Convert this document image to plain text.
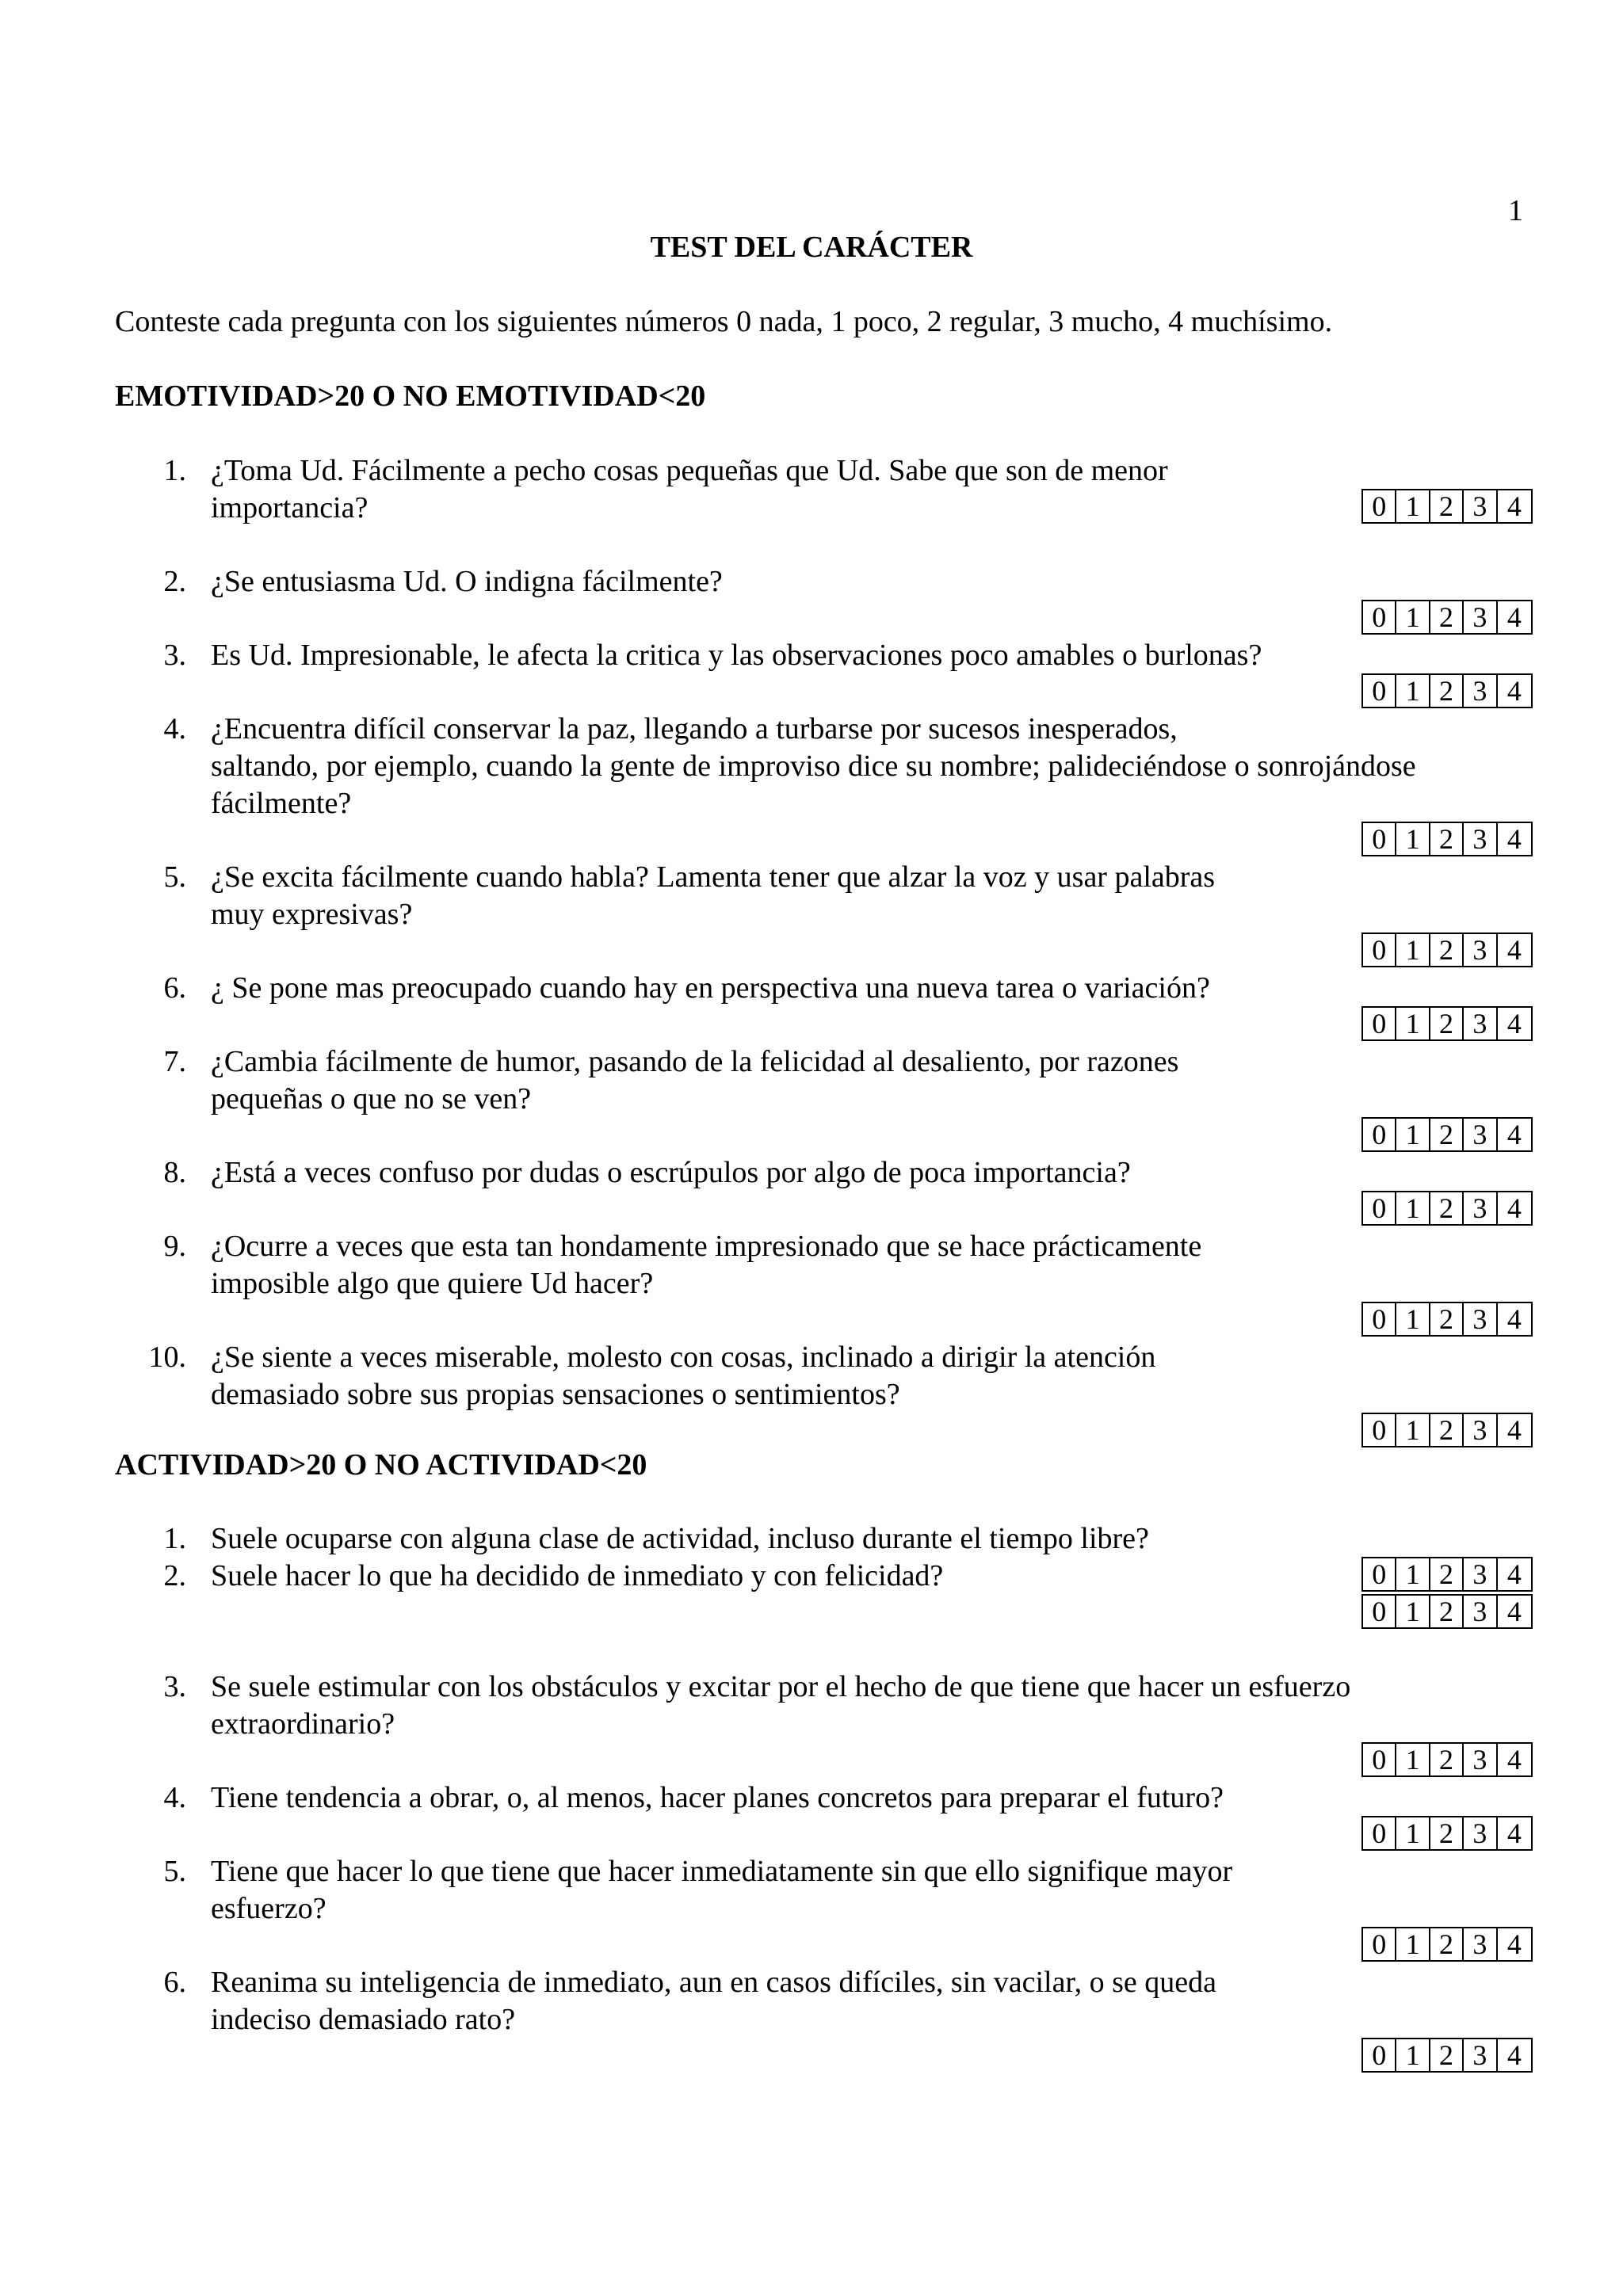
1
TEST DEL CARÁCTER
Conteste cada pregunta con los siguientes números 0 nada, 1 poco, 2 regular, 3 mucho, 4 muchísimo.
EMOTIVIDAD>20 O NO EMOTIVIDAD<20
1. ¿Toma Ud. Fácilmente a pecho cosas pequeñas que Ud. Sabe que son de menor
importancia?	0 1 2 3 4
2. ¿Se entusiasma Ud. O indigna fácilmente?
0 1 2 3 4
3. Es Ud. Impresionable, le afecta la critica y las observaciones poco amables o burlonas?
0 1 2 3 4
4. ¿Encuentra difícil conservar la paz, llegando a turbarse por sucesos inesperados,
saltando, por ejemplo, cuando la gente de improviso dice su nombre; palideciéndose o sonrojándose
fácilmente?
0 1 2 3 4
5. ¿Se excita fácilmente cuando habla? Lamenta tener que alzar la voz y usar palabras
muy expresivas?
0 1 2 3 4
6. ¿ Se pone mas preocupado cuando hay en perspectiva una nueva tarea o variación?
0 1 2 3 4
7. ¿Cambia fácilmente de humor, pasando de la felicidad al desaliento, por razones
pequeñas o que no se ven?
0 1 2 3 4
8. ¿Está a veces confuso por dudas o escrúpulos por algo de poca importancia?
0 1 2 3 4
9. ¿Ocurre a veces que esta tan hondamente impresionado que se hace prácticamente
imposible algo que quiere Ud hacer?
0 1 2 3 4
10. ¿Se siente a veces miserable, molesto con cosas, inclinado a dirigir la atención
demasiado sobre sus propias sensaciones o sentimientos?
0 1 2 3 4
ACTIVIDAD>20 O NO ACTIVIDAD<20
1. Suele ocuparse con alguna clase de actividad, incluso durante el tiempo libre?
0 1 2 3 4
2. Suele hacer lo que ha decidido de inmediato y con felicidad?
0 1 2 3 4
3. Se suele estimular con los obstáculos y excitar por el hecho de que tiene que hacer un esfuerzo
extraordinario?
0 1 2 3 4
4. Tiene tendencia a obrar, o, al menos, hacer planes concretos para preparar el futuro?
0 1 2 3 4
5. Tiene que hacer lo que tiene que hacer inmediatamente sin que ello signifique mayor
esfuerzo?
0 1 2 3 4
6. Reanima su inteligencia de inmediato, aun en casos difíciles, sin vacilar, o se queda
indeciso demasiado rato?
0 1 2 3 4
